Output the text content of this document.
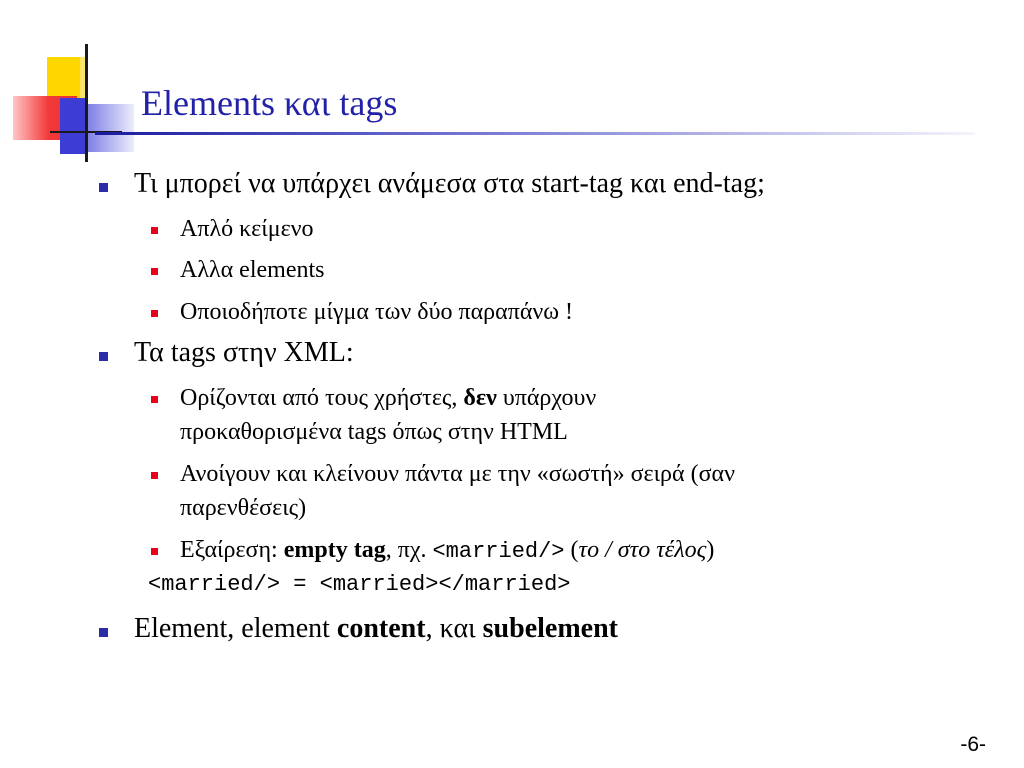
Elements και tags
Τι μπορεί να υπάρχει ανάμεσα στα start-tag και end-tag;
Απλό κείμενο
Αλλα elements
Οποιοδήποτε μίγμα των δύο παραπάνω !
Τα tags στην XML:
Ορίζονται από τους χρήστες, δεν υπάρχουν
προκαθορισμένα tags όπως στην HTML
Ανοίγουν και κλείνουν πάντα με την «σωστή» σειρά (σαν
παρενθέσεις)
Εξαίρεση: empty tag, πχ. <married/> (το / στο τέλος)
<married/> = <married></married>
Element, element content, και subelement
-6-
